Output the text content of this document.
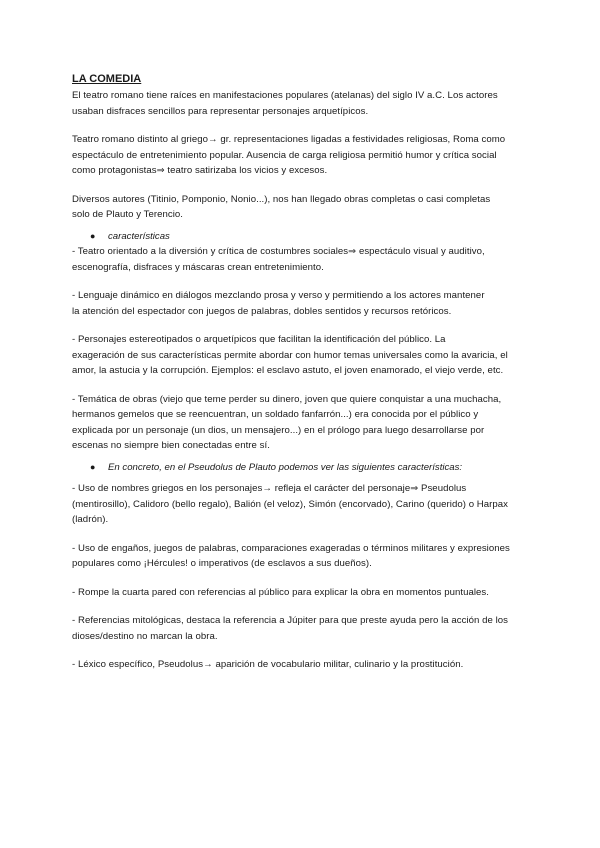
LA COMEDIA

El teatro romano tiene raíces en manifestaciones populares (atelanas) del siglo IV a.C. Los actores

usaban disfraces sencillos para representar personajes arquetípicos.

Teatro romano distinto al griego→ gr. representaciones ligadas a festividades religiosas, Roma como

espectáculo de entretenimiento popular. Ausencia de carga religiosa permitió humor y crítica social

como protagonistas⇒ teatro satirizaba los vicios y excesos.

Diversos autores (Titinio, Pomponio, Nonio...), nos han llegado obras completas o casi completas

solo de Plauto y Terencio.

●	características

- Teatro orientado a la diversión y crítica de costumbres sociales⇒ espectáculo visual y auditivo,

escenografía, disfraces y máscaras crean entretenimiento.

- Lenguaje dinámico en diálogos mezclando prosa y verso y permitiendo a los actores mantener

la atención del espectador con juegos de palabras, dobles sentidos y recursos retóricos.

- Personajes estereotipados o arquetípicos que facilitan la identificación del público. La

exageración de sus características permite abordar con humor temas universales como la avaricia, el

amor, la astucia y la corrupción. Ejemplos: el esclavo astuto, el joven enamorado, el viejo verde, etc.

- Temática de obras (viejo que teme perder su dinero, joven que quiere conquistar a una muchacha,

hermanos gemelos que se reencuentran, un soldado fanfarrón...) era conocida por el público y

explicada por un personaje (un dios, un mensajero...) en el prólogo para luego desarrollarse por

escenas no siempre bien conectadas entre sí.

●	En concreto, en el Pseudolus de Plauto podemos ver las siguientes características:

- Uso de nombres griegos en los personajes→ refleja el carácter del personaje⇒ Pseudolus

(mentirosillo), Calidoro (bello regalo), Balión (el veloz), Simón (encorvado), Carino (querido) o Harpax

(ladrón).

- Uso de engaños, juegos de palabras, comparaciones exageradas o términos militares y expresiones

populares como ¡Hércules! o imperativos (de esclavos a sus dueños).

- Rompe la cuarta pared con referencias al público para explicar la obra en momentos puntuales.

- Referencias mitológicas, destaca la referencia a Júpiter para que preste ayuda pero la acción de los

dioses/destino no marcan la obra.

- Léxico específico, Pseudolus→ aparición de vocabulario militar, culinario y la prostitución.
